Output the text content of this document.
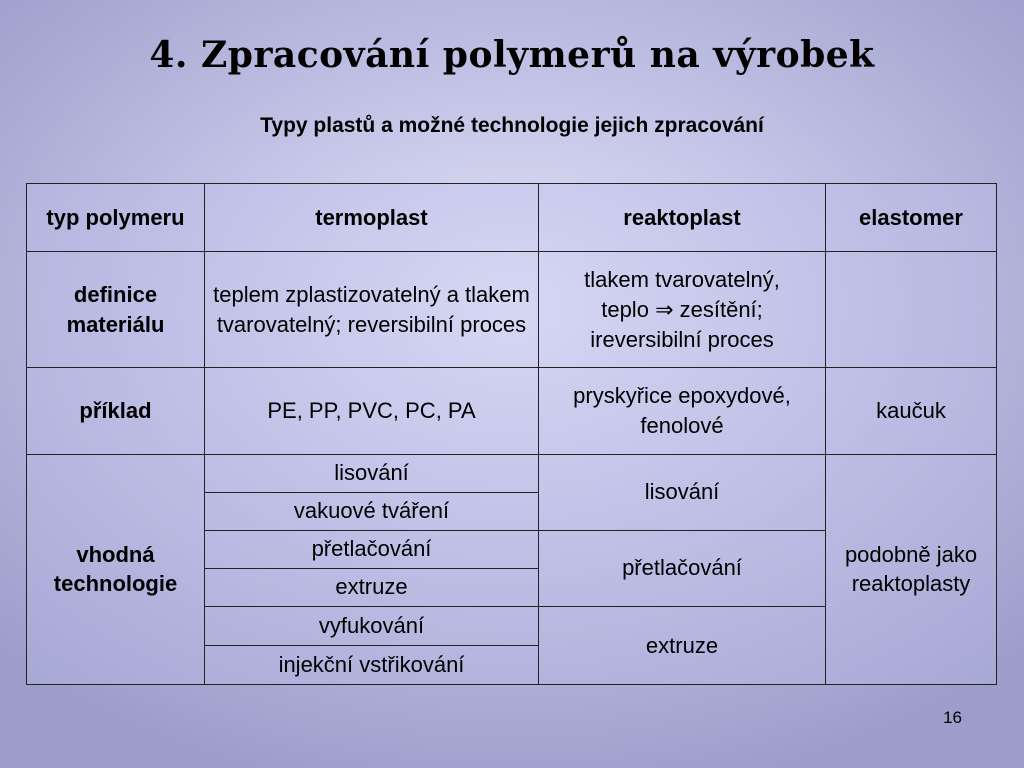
4. Zpracování polymerů na výrobek
Typy plastů a možné technologie jejich zpracování
typ polymeru	termoplast	reaktoplast	elastomer
definice materiálu	teplem zplastizovatelný a tlakem tvarovatelný; reversibilní proces	tlakem tvarovatelný,
teplo ⇒ zesítění;
ireversibilní proces	
příklad	PE, PP, PVC, PC, PA	pryskyřice epoxydové, fenolové	kaučuk
vhodná technologie	lisování	lisování	podobně jako reaktoplasty
	vakuové tváření		
	přetlačování	přetlačování	
	extruze		
	vyfukování	extruze	
	injekční vstřikování		
16
